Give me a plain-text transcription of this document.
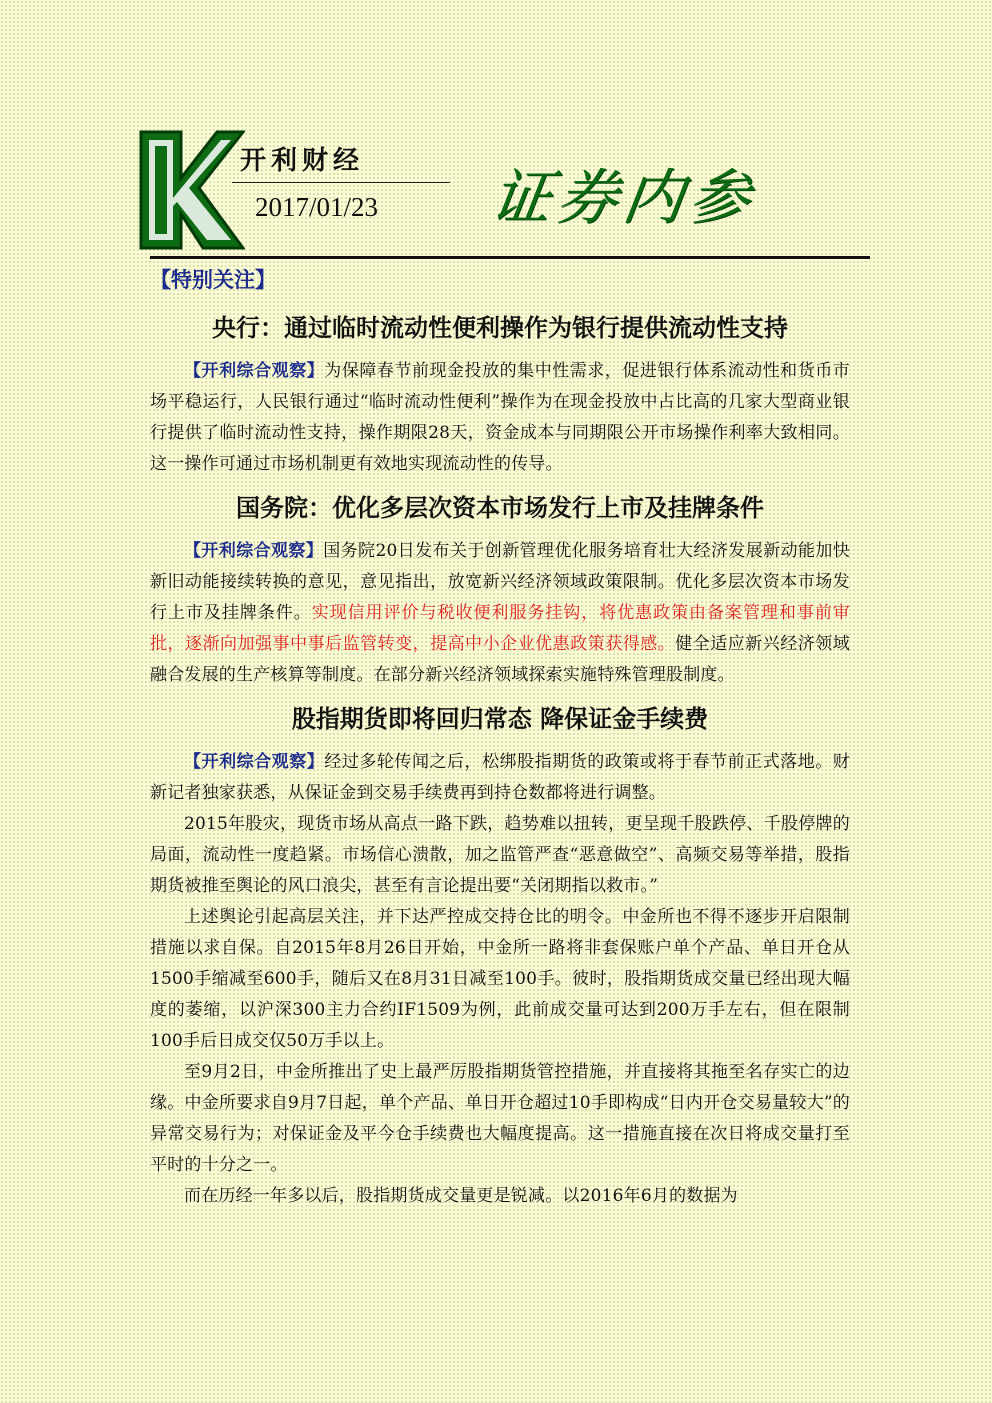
开利财经
2017/01/23 证券内参
【特别关注】
央行：通过临时流动性便利操作为银行提供流动性支持

【开利综合观察】为保障春节前现金投放的集中性需求，促进银行体系流动性和货币市场平稳运行，人民银行通过“临时流动性便利”操作为在现金投放中占比高的几家大型商业银行提供了临时流动性支持，操作期限28天，资金成本与同期限公开市场操作利率大致相同。这一操作可通过市场机制更有效地实现流动性的传导。

国务院：优化多层次资本市场发行上市及挂牌条件

【开利综合观察】国务院20日发布关于创新管理优化服务培育壮大经济发展新动能加快新旧动能接续转换的意见，意见指出，放宽新兴经济领域政策限制。优化多层次资本市场发行上市及挂牌条件。实现信用评价与税收便利服务挂钩，将优惠政策由备案管理和事前审批，逐渐向加强事中事后监管转变，提高中小企业优惠政策获得感。健全适应新兴经济领域融合发展的生产核算等制度。在部分新兴经济领域探索实施特殊管理股制度。

股指期货即将回归常态 降保证金手续费

【开利综合观察】经过多轮传闻之后，松绑股指期货的政策或将于春节前正式落地。财新记者独家获悉，从保证金到交易手续费再到持仓数都将进行调整。

2015年股灾，现货市场从高点一路下跌，趋势难以扭转，更呈现千股跌停、千股停牌的局面，流动性一度趋紧。市场信心溃散，加之监管严查“恶意做空”、高频交易等举措，股指期货被推至舆论的风口浪尖，甚至有言论提出要“关闭期指以救市。”

上述舆论引起高层关注，并下达严控成交持仓比的明令。中金所也不得不逐步开启限制措施以求自保。自2015年8月26日开始，中金所一路将非套保账户单个产品、单日开仓从1500手缩减至600手，随后又在8月31日减至100手。彼时，股指期货成交量已经出现大幅度的萎缩，以沪深300主力合约IF1509为例，此前成交量可达到200万手左右，但在限制100手后日成交仅50万手以上。

至9月2日，中金所推出了史上最严厉股指期货管控措施，并直接将其拖至名存实亡的边缘。中金所要求自9月7日起，单个产品、单日开仓超过10手即构成“日内开仓交易量较大”的异常交易行为；对保证金及平今仓手续费也大幅度提高。这一措施直接在次日将成交量打至平时的十分之一。

而在历经一年多以后，股指期货成交量更是锐减。以2016年6月的数据为
